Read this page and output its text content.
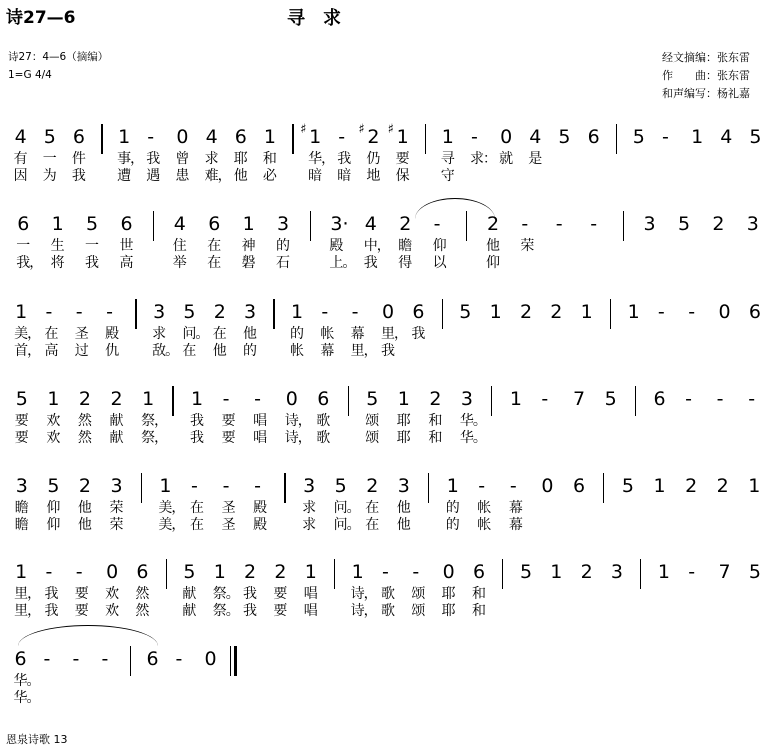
诗27—6	寻　求
诗27：4—6（摘编）
1=G 4/4
经文摘编：张东雷
作　　曲：张东雷
和声编写：杨礼嘉
4 5 6 1 - 0 4 6 1 ♯ 1 - ♯ 2 ♯ 1 1 - 0 4 5 6 5 - 1 4 5
有 一 件 事 ， 我 曾 求 耶 和 华 ， 我 仍 要 寻 求 ： 就 是
因 为 我 遭 遇 患 难 ， 他 必 暗 暗 地 保 守
6 1 5 6 4 6 1 3 3· 4 2 - 2 - - - 3 5 2 3
一 生 一 世	住 在 神 的	殿 中 ， 瞻 仰	他 荣
我 ， 将 我 高	举 在 磐 石	上 。 我 得 以	仰
1 - - - 3 5 2 3 1 - - 0 6 5 1 2 2 1 1 - - 0 6
美 ， 在 圣 殿 求 问 。 在 他 的 帐 幕 里 ， 我
首 ， 高 过 仇 敌 。 在 他 的 帐 幕 里 ， 我
5 1 2 2 1 1 - - 0 6 5 1 2 3 1 - 7 5 6 - - -
要 欢 然 献 祭 ， 我 要 唱 诗 ， 歌 颂 耶 和 华 。
要 欢 然 献 祭 ， 我 要 唱 诗 ， 歌 颂 耶 和 华 。
3 5 2 3 1 - - - 3 5 2 3 1 - - 0 6 5 1 2 2 1
瞻 仰 他 荣 美 ， 在 圣 殿 求 问 。 在 他 的 帐 幕
瞻 仰 他 荣 美 ， 在 圣 殿 求 问 。 在 他 的 帐 幕
1 - - 0 6 5 1 2 2 1 1 - - 0 6 5 1 2 3 1 - 7 5
里 ， 我 要 欢 然 献 祭 。 我 要 唱 诗 ， 歌 颂 耶 和
里 ， 我 要 欢 然 献 祭 。 我 要 唱 诗 ， 歌 颂 耶 和
6 - - - 6 - 0
华 。
华 。
恩泉诗歌 13
